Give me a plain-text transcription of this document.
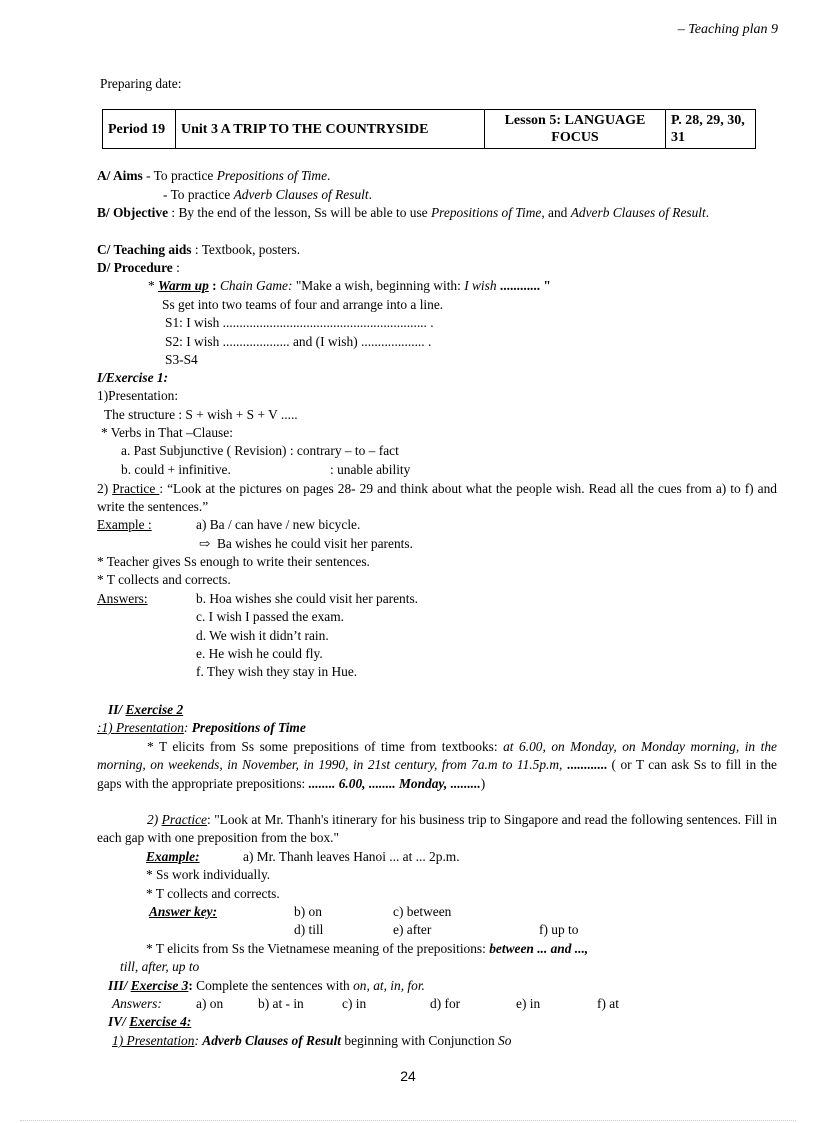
– Teaching plan 9
Preparing date:
Period 19	Unit 3 A TRIP TO THE COUNTRYSIDE	Lesson 5: LANGUAGE FOCUS	P. 28, 29, 30, 31
A/ Aims - To practice Prepositions of Time.
- To practice Adverb Clauses of Result.
B/ Objective : By the end of the lesson, Ss will be able to use Prepositions of Time, and Adverb Clauses of Result.
C/ Teaching aids : Textbook, posters.
D/ Procedure :
* Warm up : Chain Game: "Make a wish, beginning with: I wish ............ "
Ss get into two teams of four and arrange into a line.
S1: I wish ............................................................. .
S2: I wish .................... and (I wish) ................... .
S3-S4
I/Exercise 1:
1)Presentation:
The structure : S + wish + S + V .....
* Verbs in That –Clause:
a. Past Subjunctive ( Revision) : contrary – to – fact
b. could + infinitive.	: unable ability
2) Practice : “Look at the pictures on pages 28- 29 and think about what the people wish. Read all the cues from a) to f) and write the sentences.”
Example :	a) Ba / can have / new bicycle.
⇨ Ba wishes he could visit her parents.
* Teacher gives Ss enough to write their sentences.
* T collects and corrects.
Answers:	b. Hoa wishes she could visit her parents.
c. I wish I passed the exam.
d. We wish it didn’t rain.
e. He wish he could fly.
f. They wish they stay in Hue.
II/ Exercise 2
:1) Presentation: Prepositions of Time
* T elicits from Ss some prepositions of time from textbooks: at 6.00, on Monday, on Monday morning, in the morning, on weekends, in November, in 1990, in 21st century, from 7a.m to 11.5p.m, ............ ( or T can ask Ss to fill in the gaps with the appropriate prepositions: ........ 6.00, ........ Monday, .........)
2) Practice: "Look at Mr. Thanh's itinerary for his business trip to Singapore and read the following sentences. Fill in each gap with one preposition from the box."
Example:	a) Mr. Thanh leaves Hanoi ... at ... 2p.m.
* Ss work individually.
* T collects and corrects.
Answer key:	b) on	c) between
d) till	e) after	f) up to
* T elicits from Ss the Vietnamese meaning of the prepositions: between ... and ...,
till, after, up to
III/ Exercise 3: Complete the sentences with on, at, in, for.
Answers:	a) on	b) at - in	c) in	d) for	e) in	f) at
IV/ Exercise 4:
1) Presentation: Adverb Clauses of Result beginning with Conjunction So
24
